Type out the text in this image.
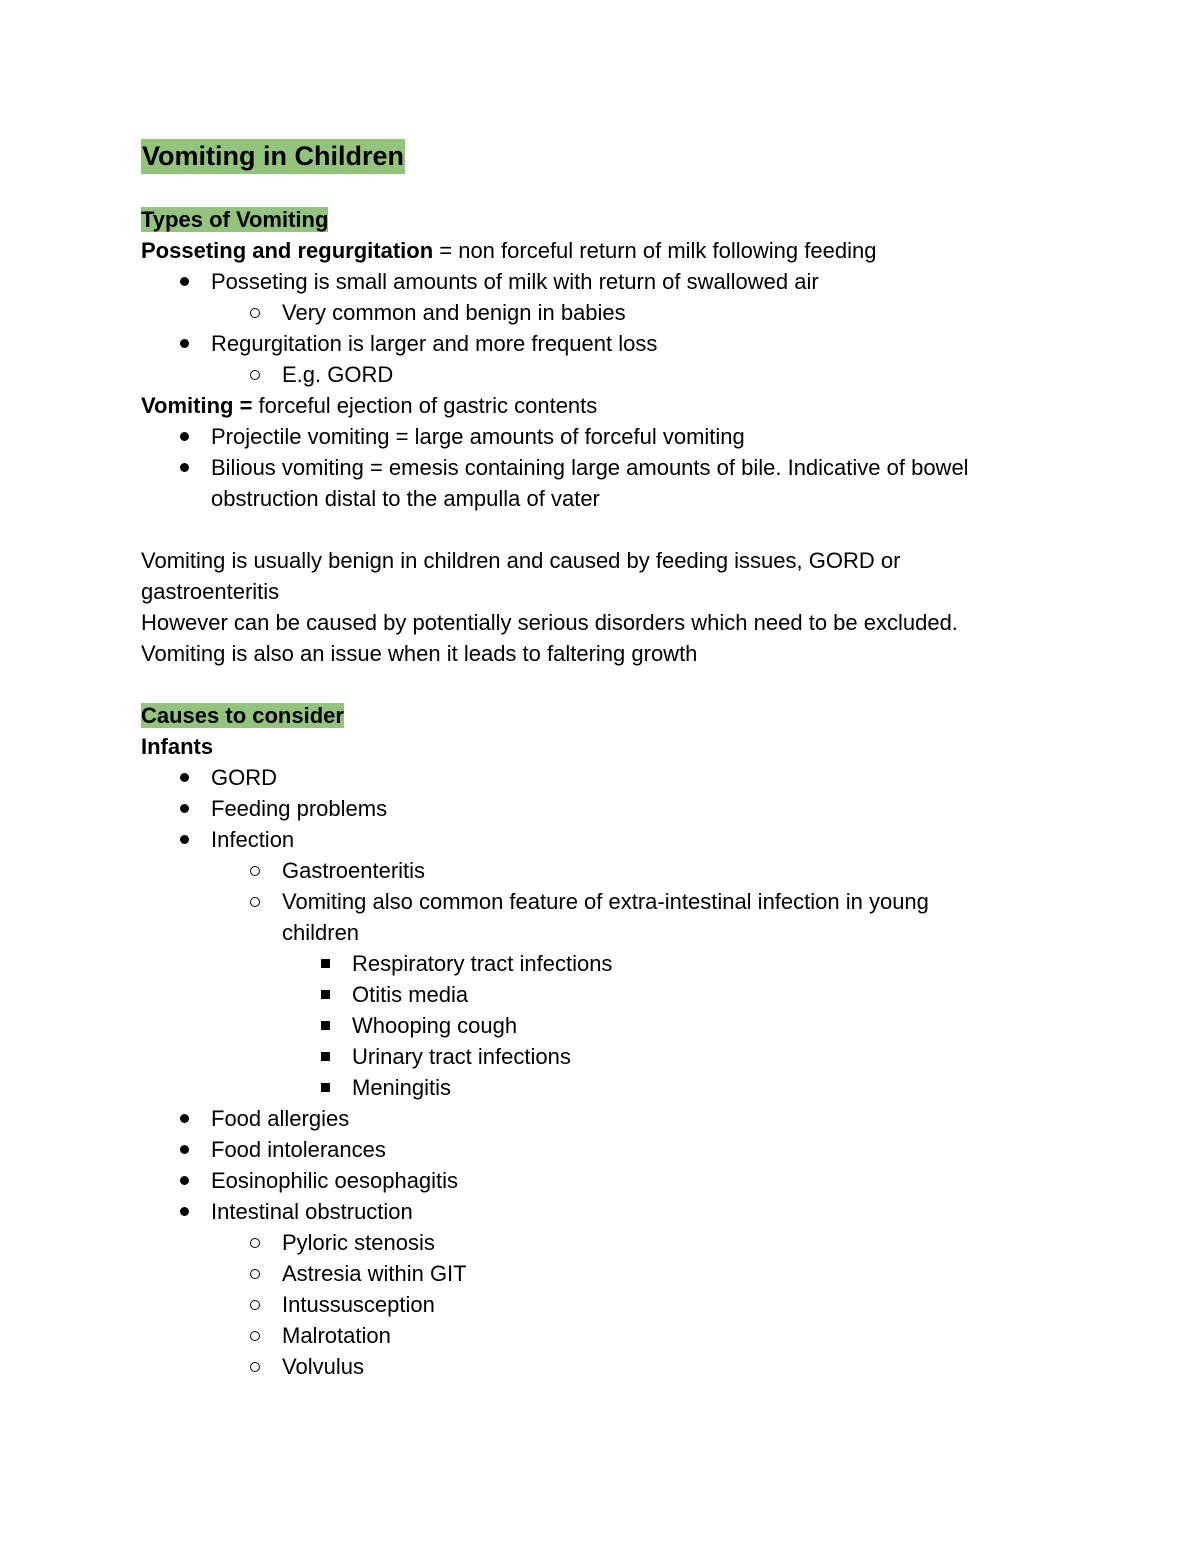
Vomiting in Children
Types of Vomiting
Posseting and regurgitation = non forceful return of milk following feeding
Posseting is small amounts of milk with return of swallowed air
Very common and benign in babies
Regurgitation is larger and more frequent loss
E.g. GORD
Vomiting = forceful ejection of gastric contents
Projectile vomiting = large amounts of forceful vomiting
Bilious vomiting = emesis containing large amounts of bile. Indicative of bowel obstruction distal to the ampulla of vater
Vomiting is usually benign in children and caused by feeding issues, GORD or gastroenteritis
However can be caused by potentially serious disorders which need to be excluded.
Vomiting is also an issue when it leads to faltering growth
Causes to consider
Infants
GORD
Feeding problems
Infection
Gastroenteritis
Vomiting also common feature of extra-intestinal infection in young children
Respiratory tract infections
Otitis media
Whooping cough
Urinary tract infections
Meningitis
Food allergies
Food intolerances
Eosinophilic oesophagitis
Intestinal obstruction
Pyloric stenosis
Astresia within GIT
Intussusception
Malrotation
Volvulus
